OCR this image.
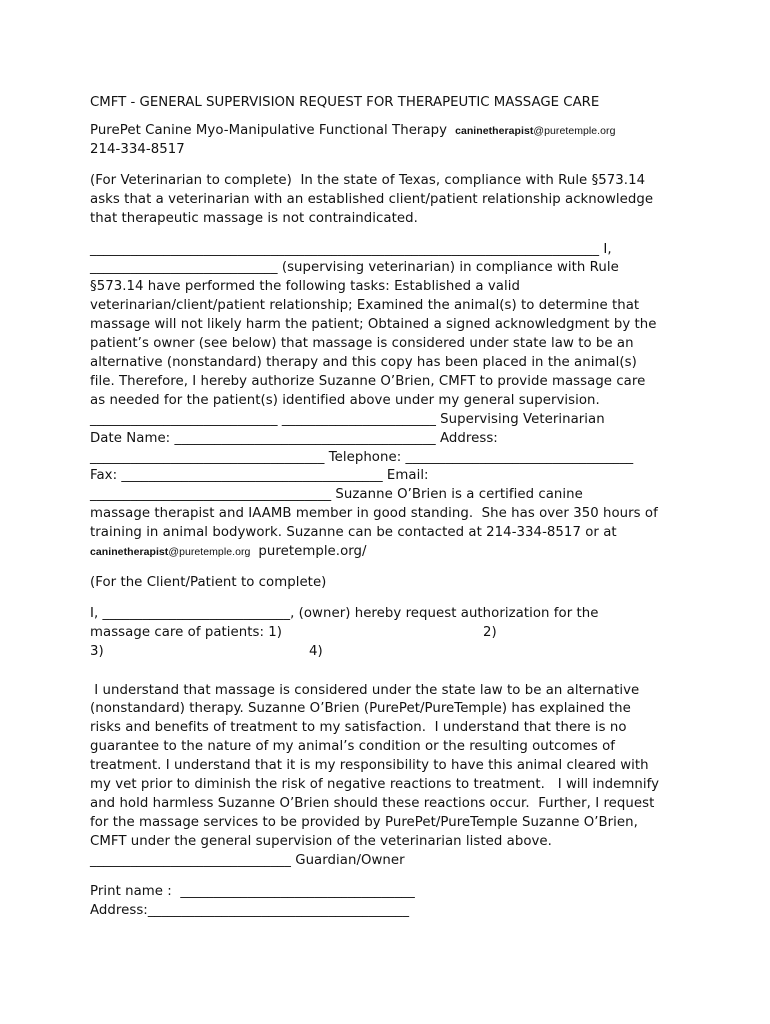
CMFT - GENERAL SUPERVISION REQUEST FOR THERAPEUTIC MASSAGE CARE

PurePet Canine Myo-Manipulative Functional Therapy caninetherapist@puretemple.org

214-334-8517

(For Veterinarian to complete)  In the state of Texas, compliance with Rule §573.14

asks that a veterinarian with an established client/patient relationship acknowledge

that therapeutic massage is not contraindicated.

____________________________________________________________________________ I,

____________________________ (supervising veterinarian) in compliance with Rule

§573.14 have performed the following tasks: Established a valid

veterinarian/client/patient relationship; Examined the animal(s) to determine that

massage will not likely harm the patient; Obtained a signed acknowledgment by the

patient’s owner (see below) that massage is considered under state law to be an

alternative (nonstandard) therapy and this copy has been placed in the animal(s)

file. Therefore, I hereby authorize Suzanne O’Brien, CMFT to provide massage care

as needed for the patient(s) identified above under my general supervision.

____________________________ _______________________ Supervising Veterinarian

Date Name: _______________________________________ Address:

___________________________________ Telephone: __________________________________

Fax: _______________________________________ Email:

____________________________________ Suzanne O’Brien is a certified canine

massage therapist and IAAMB member in good standing.  She has over 350 hours of

training in animal bodywork. Suzanne can be contacted at 214-334-8517 or at

caninetherapist@puretemple.org puretemple.org/

(For the Client/Patient to complete)

I, ____________________________, (owner) hereby request authorization for the

massage care of patients: 1)                                               2)

3)                                                4)

I understand that massage is considered under the state law to be an alternative

(nonstandard) therapy. Suzanne O’Brien (PurePet/PureTemple) has explained the

risks and benefits of treatment to my satisfaction.  I understand that there is no

guarantee to the nature of my animal’s condition or the resulting outcomes of

treatment. I understand that it is my responsibility to have this animal cleared with

my vet prior to diminish the risk of negative reactions to treatment.   I will indemnify

and hold harmless Suzanne O’Brien should these reactions occur.  Further, I request

for the massage services to be provided by PurePet/PureTemple Suzanne O’Brien,

CMFT under the general supervision of the veterinarian listed above.

______________________________ Guardian/Owner

Print name :  ___________________________________

Address:_______________________________________
